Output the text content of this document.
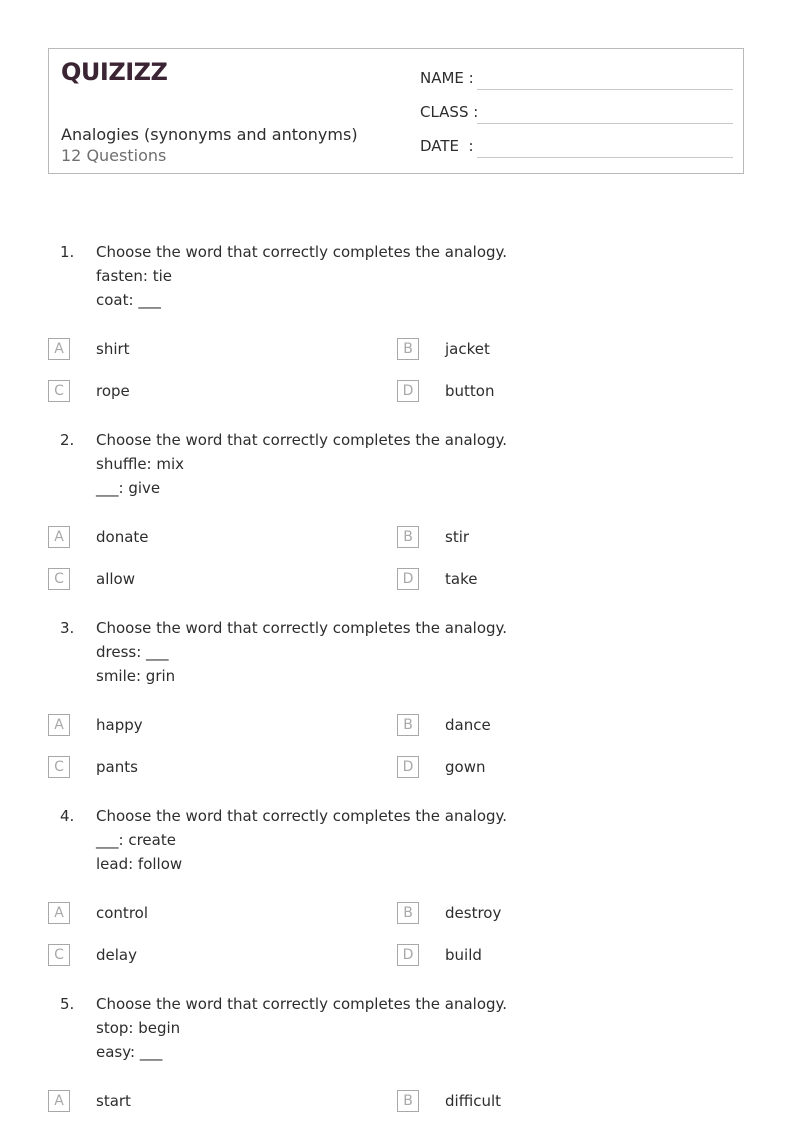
QUIZIZZ
Analogies (synonyms and antonyms)
12 Questions
NAME :
CLASS :
DATE  :
1. Choose the word that correctly completes the analogy.
fasten: tie
coat: ___
A	shirt	B	jacket
C	rope	D	button
2. Choose the word that correctly completes the analogy.
shuffle: mix
___: give
A	donate	B	stir
C	allow	D	take
3. Choose the word that correctly completes the analogy.
dress: ___
smile: grin
A	happy	B	dance
C	pants	D	gown
4. Choose the word that correctly completes the analogy.
___: create
lead: follow
A	control	B	destroy
C	delay	D	build
5. Choose the word that correctly completes the analogy.
stop: begin
easy: ___
A	start	B	difficult
